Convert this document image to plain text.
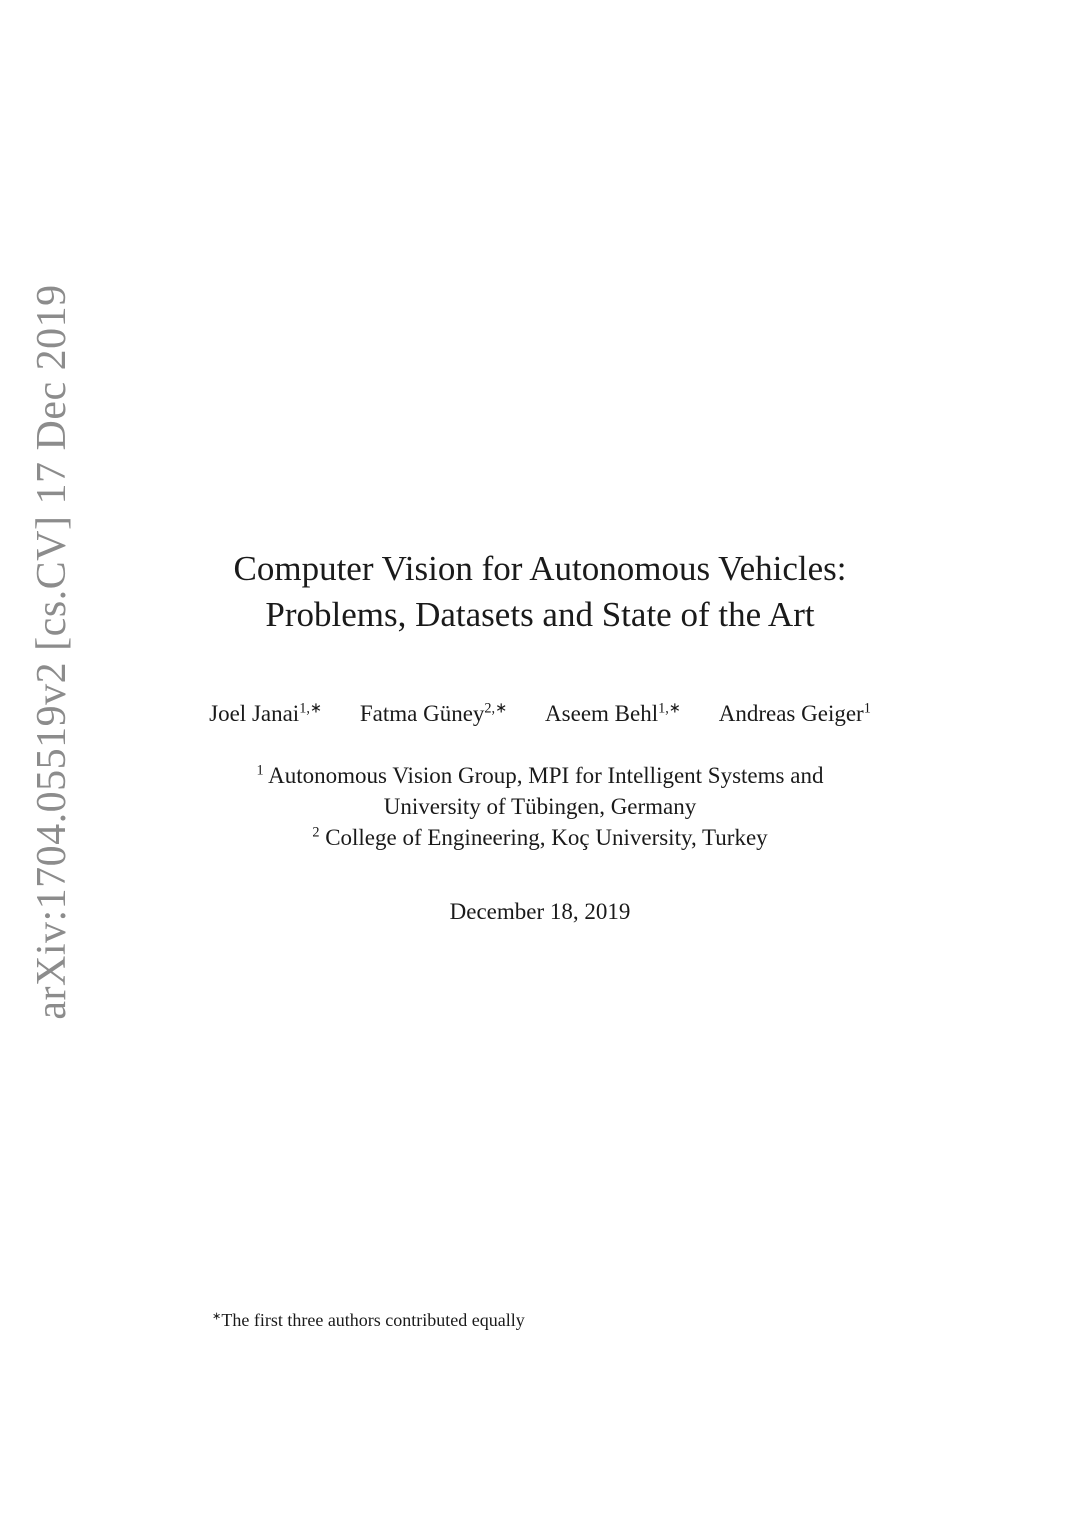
arXiv:1704.05519v2 [cs.CV] 17 Dec 2019	Computer Vision for Autonomous Vehicles:
Problems, Datasets and State of the Art
Joel Janai$^{1,∗}$ Fatma Güney$^{2,∗}$ Aseem Behl$^{1,∗}$ Andreas Geiger$^1$
$^1$ Autonomous Vision Group, MPI for Intelligent Systems and
University of Tübingen, Germany
$^2$ College of Engineering, Koç University, Turkey
December 18, 2019
∗The first three authors contributed equally
